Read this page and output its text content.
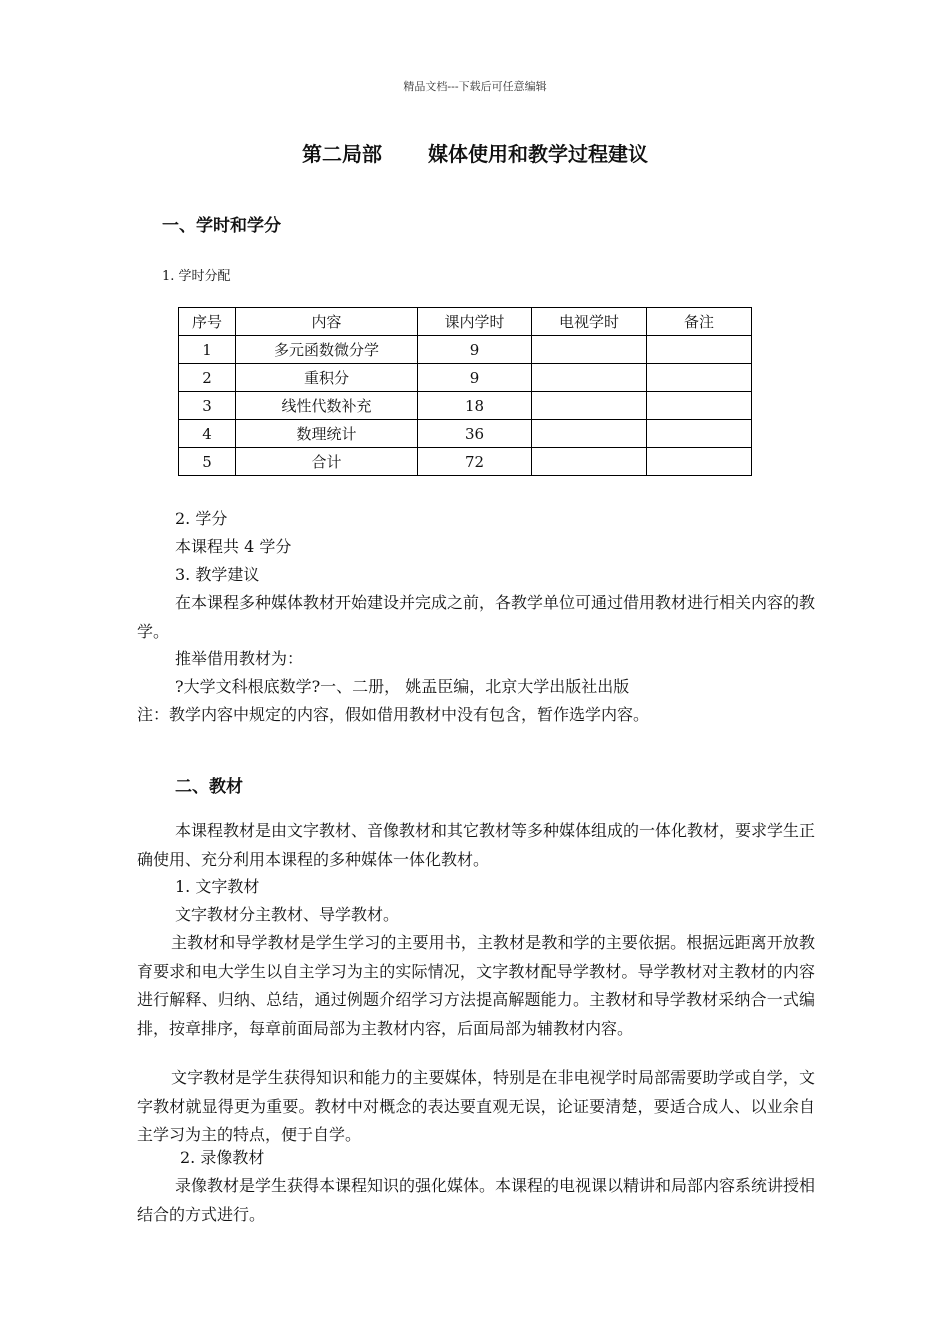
精品文档---下载后可任意编辑
第二局部 媒体使用和教学过程建议
一、学时和学分
1. 学时分配
序号	内容	课内学时	电视学时	备注
1	多元函数微分学	9		
2	重积分	9		
3	线性代数补充	18		
4	数理统计	36		
5	合计	72		
2. 学分
本课程共 4 学分
3. 教学建议
在本课程多种媒体教材开始建设并完成之前，各教学单位可通过借用教材进行相关内容的教学。
推举借用教材为：
?大学文科根底数学?一、二册， 姚盂臣编，北京大学出版社出版
注：教学内容中规定的内容，假如借用教材中没有包含，暂作选学内容。
二、教材
本课程教材是由文字教材、音像教材和其它教材等多种媒体组成的一体化教材，要求学生正确使用、充分利用本课程的多种媒体一体化教材。
1. 文字教材
文字教材分主教材、导学教材。
主教材和导学教材是学生学习的主要用书，主教材是教和学的主要依据。根据远距离开放教育要求和电大学生以自主学习为主的实际情况，文字教材配导学教材。导学教材对主教材的内容进行解释、归纳、总结，通过例题介绍学习方法提高解题能力。主教材和导学教材采纳合一式编排，按章排序，每章前面局部为主教材内容，后面局部为辅教材内容。
文字教材是学生获得知识和能力的主要媒体，特别是在非电视学时局部需要助学或自学，文字教材就显得更为重要。教材中对概念的表达要直观无误，论证要清楚，要适合成人、以业余自主学习为主的特点，便于自学。
2. 录像教材
录像教材是学生获得本课程知识的强化媒体。本课程的电视课以精讲和局部内容系统讲授相结合的方式进行。
